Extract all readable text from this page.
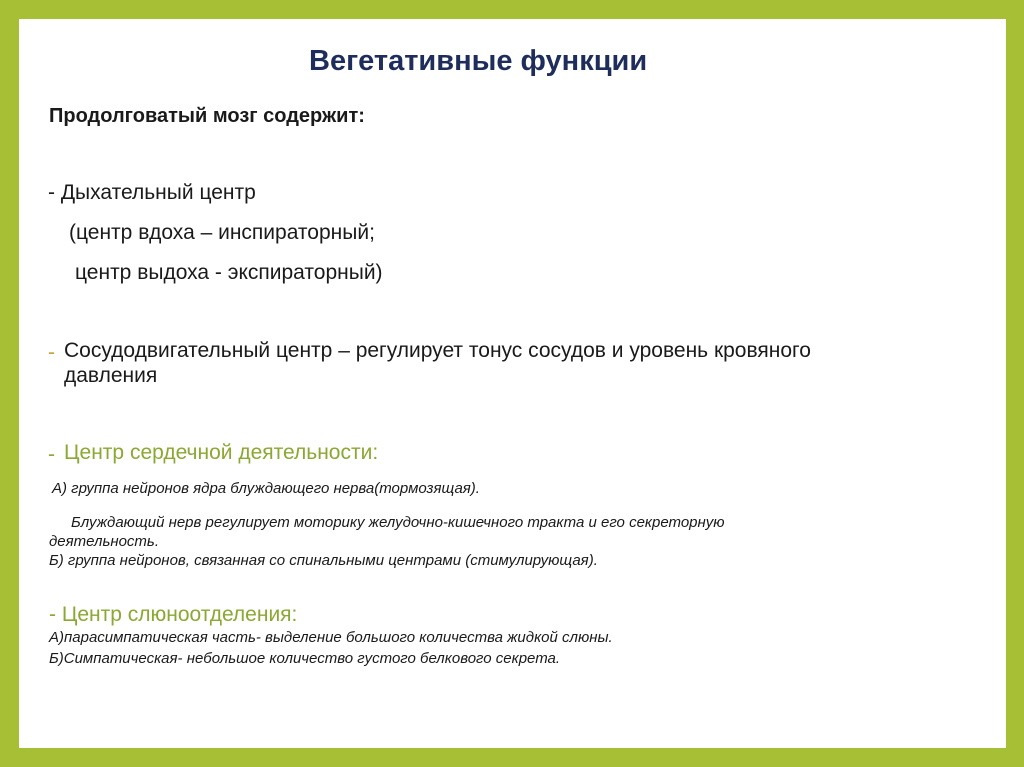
Вегетативные функции

Продолговатый мозг содержит:

- Дыхательный центр

(центр вдоха – инспираторный;

центр выдоха - экспираторный)

- Сосудодвигательный центр – регулирует тонус сосудов и уровень кровяного

давления

- Центр сердечной деятельности:

А) группа нейронов ядра блуждающего нерва(тормозящая).

Блуждающий нерв регулирует моторику желудочно-кишечного тракта и его секреторную

деятельность.

Б) группа нейронов, связанная со спинальными центрами (стимулирующая).

- Центр слюноотделения:

А)парасимпатическая часть- выделение большого количества жидкой слюны.

Б)Симпатическая- небольшое количество густого белкового секрета.
